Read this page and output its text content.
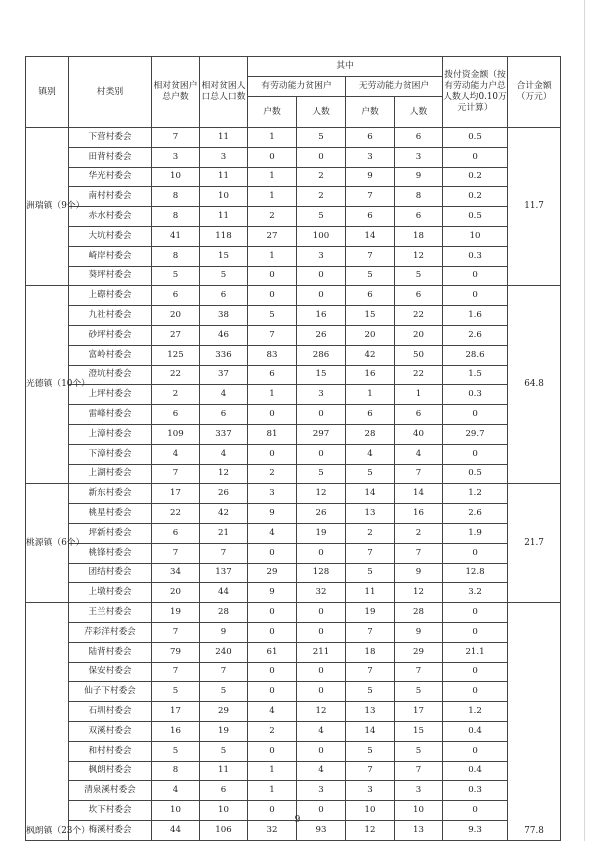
镇别	村类别	相对贫困户总户数	相对贫困人口总人口数	其中				拨付资金额（按有劳动能力户总人数人均0.10万元计算）	合计金额（万元）
				有劳动能力贫困户		无劳动能力贫困户			
				户数	人数	户数	人数		
洲瑞镇（9个）	下营村委会	7	11	1	5	6	6	0.5	11.7
	田背村委会	3	3	0	0	3	3	0	
	华光村委会	10	11	1	2	9	9	0.2	
	南村村委会	8	10	1	2	7	8	0.2	
	赤水村委会	8	11	2	5	6	6	0.5	
	大坑村委会	41	118	27	100	14	18	10	
	崎岸村委会	8	15	1	3	7	12	0.3	
	葵坪村委会	5	5	0	0	5	5	0	
光德镇（10个）	上磜村委会	6	6	0	0	6	6	0	64.8
	九社村委会	20	38	5	16	15	22	1.6	
	砂坪村委会	27	46	7	26	20	20	2.6	
	富岭村委会	125	336	83	286	42	50	28.6	
	澄坑村委会	22	37	6	15	16	22	1.5	
	上坪村委会	2	4	1	3	1	1	0.3	
	雷峰村委会	6	6	0	0	6	6	0	
	上漳村委会	109	337	81	297	28	40	29.7	
	下漳村委会	4	4	0	0	4	4	0	
	上湖村委会	7	12	2	5	5	7	0.5	
桃源镇（6个）	新东村委会	17	26	3	12	14	14	1.2	21.7
	桃星村委会	22	42	9	26	13	16	2.6	
	坪新村委会	6	21	4	19	2	2	1.9	
	桃锋村委会	7	7	0	0	7	7	0	
	团结村委会	34	137	29	128	5	9	12.8	
	上墩村委会	20	44	9	32	11	12	3.2	
枫朗镇（23个）	王兰村委会	19	28	0	0	19	28	0	77.8
	芹彩洋村委会	7	9	0	0	7	9	0	
	陆背村委会	79	240	61	211	18	29	21.1	
	保安村委会	7	7	0	0	7	7	0	
	仙子下村委会	5	5	0	0	5	5	0	
	石圳村委会	17	29	4	12	13	17	1.2	
	双溪村委会	16	19	2	4	14	15	0.4	
	和村村委会	5	5	0	0	5	5	0	
	枫朗村委会	8	11	1	4	7	7	0.4	
	清泉溪村委会	4	6	1	3	3	3	0.3	
	坎下村委会	10	10	0	0	10	10	0	
	梅溪村委会	44	106	32	93	12	13	9.3	
9
